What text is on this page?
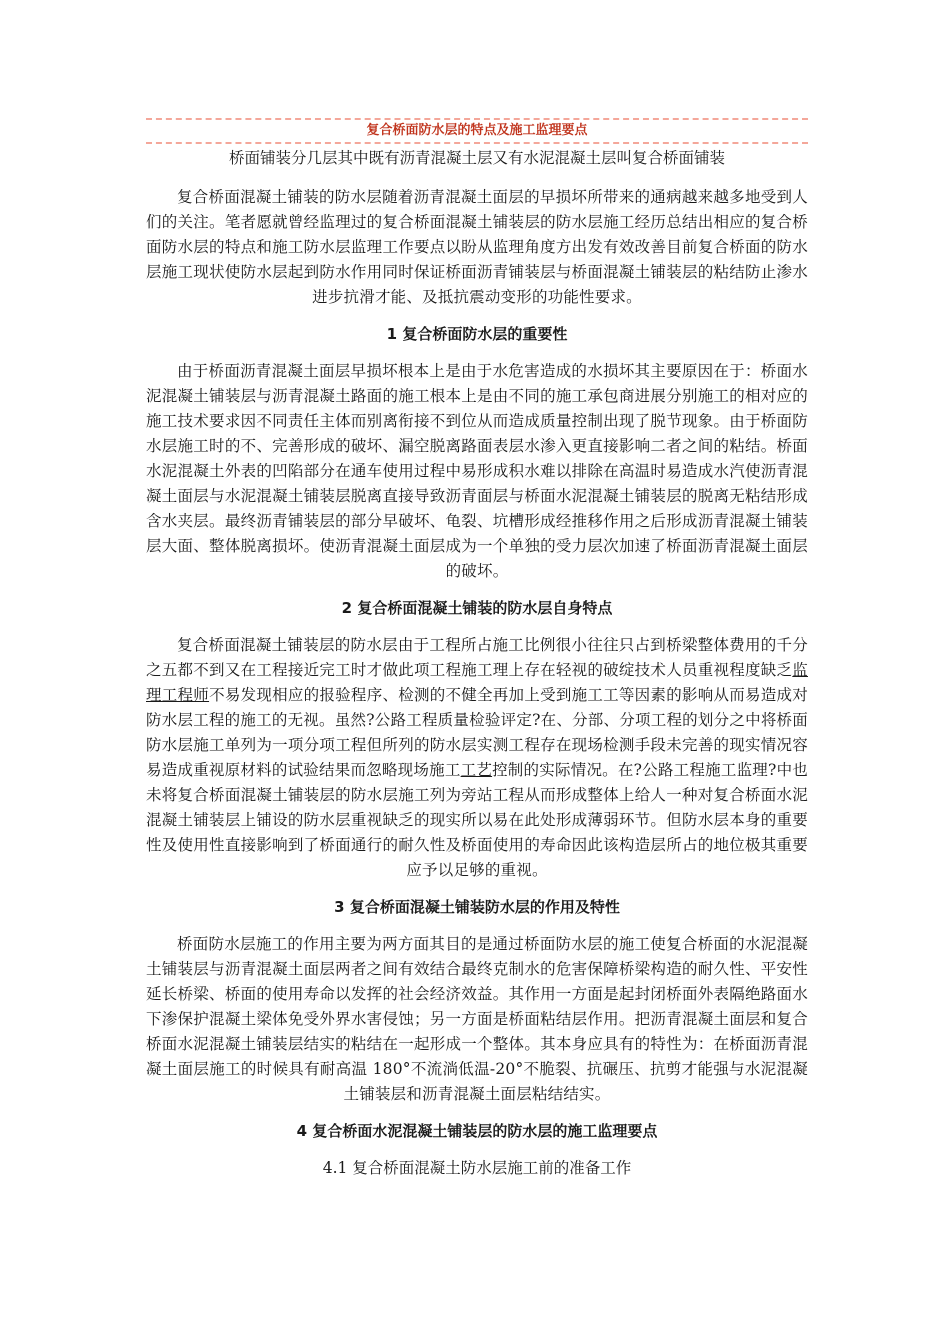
复合桥面防水层的特点及施工监理要点
桥面铺装分几层其中既有沥青混凝土层又有水泥混凝土层叫复合桥面铺装

复合桥面混凝土铺装的防水层随着沥青混凝土面层的早损坏所带来的通病越来越多地受到人们的关注。笔者愿就曾经监理过的复合桥面混凝土铺装层的防水层施工经历总结出相应的复合桥面防水层的特点和施工防水层监理工作要点以盼从监理角度方出发有效改善目前复合桥面的防水层施工现状使防水层起到防水作用同时保证桥面沥青铺装层与桥面混凝土铺装层的粘结防止渗水进步抗滑才能、及抵抗震动变形的功能性要求。

1 复合桥面防水层的重要性

由于桥面沥青混凝土面层早损坏根本上是由于水危害造成的水损坏其主要原因在于：桥面水泥混凝土铺装层与沥青混凝土路面的施工根本上是由不同的施工承包商进展分别施工的相对应的施工技术要求因不同责任主体而别离衔接不到位从而造成质量控制出现了脱节现象。由于桥面防水层施工时的不、完善形成的破坏、漏空脱离路面表层水渗入更直接影响二者之间的粘结。桥面水泥混凝土外表的凹陷部分在通车使用过程中易形成积水难以排除在高温时易造成水汽使沥青混凝土面层与水泥混凝土铺装层脱离直接导致沥青面层与桥面水泥混凝土铺装层的脱离无粘结形成含水夹层。最终沥青铺装层的部分早破坏、龟裂、坑槽形成经推移作用之后形成沥青混凝土铺装层大面、整体脱离损坏。使沥青混凝土面层成为一个单独的受力层次加速了桥面沥青混凝土面层的破坏。

2 复合桥面混凝土铺装的防水层自身特点

复合桥面混凝土铺装层的防水层由于工程所占施工比例很小往往只占到桥梁整体费用的千分之五都不到又在工程接近完工时才做此项工程施工理上存在轻视的破绽技术人员重视程度缺乏监理工程师不易发现相应的报验程序、检测的不健全再加上受到施工工等因素的影响从而易造成对防水层工程的施工的无视。虽然?公路工程质量检验评定?在、分部、分项工程的划分之中将桥面防水层施工单列为一项分项工程但所列的防水层实测工程存在现场检测手段未完善的现实情况容易造成重视原材料的试验结果而忽略现场施工工艺控制的实际情况。在?公路工程施工监理?中也未将复合桥面混凝土铺装层的防水层施工列为旁站工程从而形成整体上给人一种对复合桥面水泥混凝土铺装层上铺设的防水层重视缺乏的现实所以易在此处形成薄弱环节。但防水层本身的重要性及使用性直接影响到了桥面通行的耐久性及桥面使用的寿命因此该构造层所占的地位极其重要应予以足够的重视。

3 复合桥面混凝土铺装防水层的作用及特性

桥面防水层施工的作用主要为两方面其目的是通过桥面防水层的施工使复合桥面的水泥混凝土铺装层与沥青混凝土面层两者之间有效结合最终克制水的危害保障桥梁构造的耐久性、平安性延长桥梁、桥面的使用寿命以发挥的社会经济效益。其作用一方面是起封闭桥面外表隔绝路面水下渗保护混凝土梁体免受外界水害侵蚀；另一方面是桥面粘结层作用。把沥青混凝土面层和复合桥面水泥混凝土铺装层结实的粘结在一起形成一个整体。其本身应具有的特性为：在桥面沥青混凝土面层施工的时候具有耐高温 180°不流淌低温-20°不脆裂、抗碾压、抗剪才能强与水泥混凝土铺装层和沥青混凝土面层粘结结实。

4 复合桥面水泥混凝土铺装层的防水层的施工监理要点
4.1 复合桥面混凝土防水层施工前的准备工作
